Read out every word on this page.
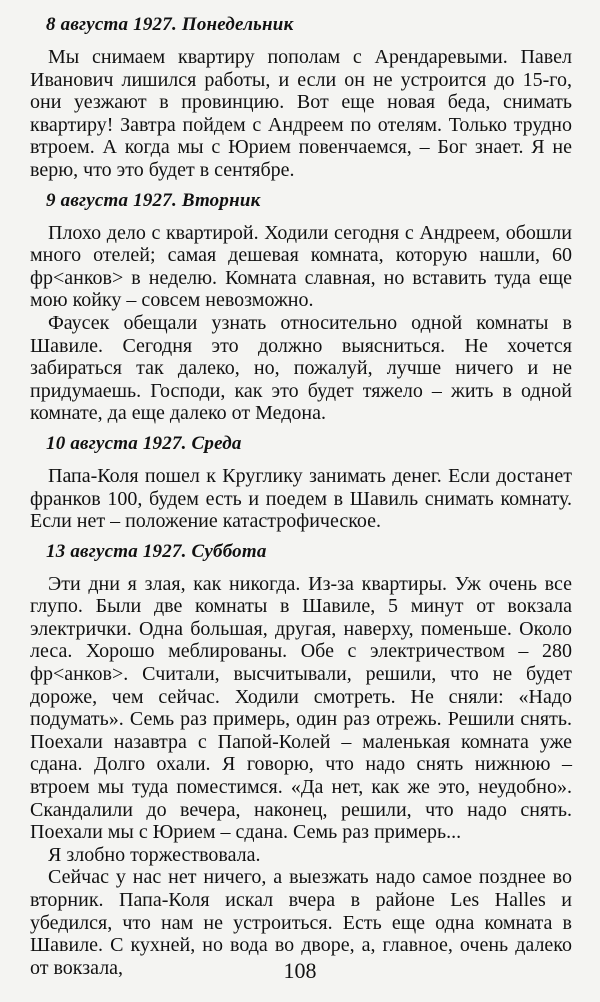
8 августа 1927. Понедельник

Мы снимаем квартиру пополам с Арендаревыми. Павел Иванович лишился работы, и если он не устроится до 15-го, они уезжают в провинцию. Вот еще новая беда, снимать квартиру! Завтра пойдем с Андреем по отелям. Только трудно втроем. А когда мы с Юрием повенчаемся, – Бог знает. Я не верю, что это будет в сентябре.

9 августа 1927. Вторник

Плохо дело с квартирой. Ходили сегодня с Андреем, обошли много отелей; самая дешевая комната, которую нашли, 60 фр<анков> в неделю. Комната славная, но вставить туда еще мою койку – совсем невозможно.

Фаусек обещали узнать относительно одной комнаты в Шавиле. Сегодня это должно выясниться. Не хочется забираться так далеко, но, пожалуй, лучше ничего и не придумаешь. Господи, как это будет тяжело – жить в одной комнате, да еще далеко от Медона.

10 августа 1927. Среда

Папа-Коля пошел к Круглику занимать денег. Если достанет франков 100, будем есть и поедем в Шавиль снимать комнату. Если нет – положение катастрофическое.

13 августа 1927. Суббота

Эти дни я злая, как никогда. Из-за квартиры. Уж очень все глупо. Были две комнаты в Шавиле, 5 минут от вокзала электрички. Одна большая, другая, наверху, поменьше. Около леса. Хорошо меблированы. Обе с электричеством – 280 фр<анков>. Считали, высчитывали, решили, что не будет дороже, чем сейчас. Ходили смотреть. Не сняли: «Надо подумать». Семь раз примерь, один раз отрежь. Решили снять. Поехали назавтра с Папой-Колей – маленькая комната уже сдана. Долго охали. Я говорю, что надо снять нижнюю – втроем мы туда поместимся. «Да нет, как же это, неудобно». Скандалили до вечера, наконец, решили, что надо снять. Поехали мы с Юрием – сдана. Семь раз примерь...

Я злобно торжествовала.

Сейчас у нас нет ничего, а выезжать надо самое позднее во вторник. Папа-Коля искал вчера в районе Les Halles и убедился, что нам не устроиться. Есть еще одна комната в Шавиле. С кухней, но вода во дворе, а, главное, очень далеко от вокзала,	108
